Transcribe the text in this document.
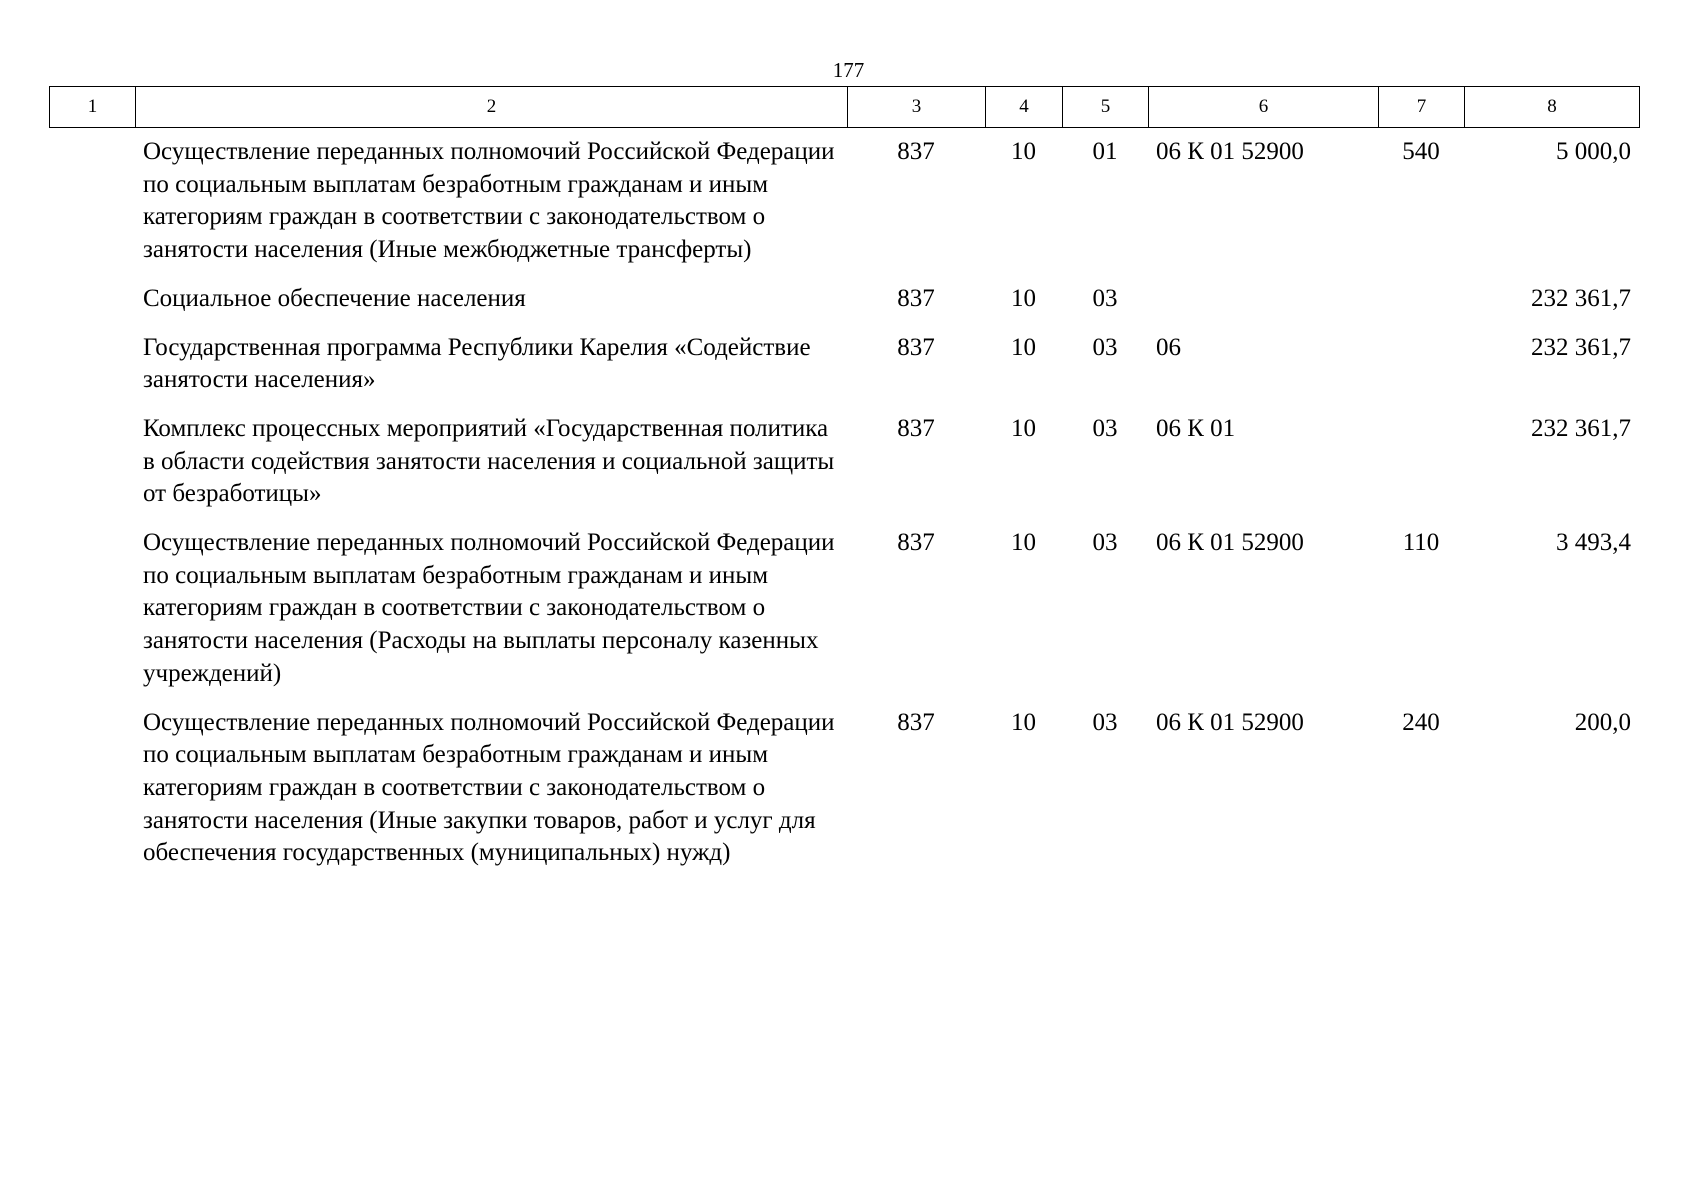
177
1	2	3	4	5	6	7	8
Осуществление переданных полномочий Российской Федерации по социальным выплатам безработным гражданам и иным категориям граждан в соответствии с законодательством о занятости населения (Иные межбюджетные трансферты)	837	10	01	06 К 01 52900	540	5 000,0
Социальное обеспечение населения	837	10	03			232 361,7
Государственная программа Республики Карелия «Содействие занятости населения»	837	10	03	06		232 361,7
Комплекс процессных мероприятий «Государственная политика в области содействия занятости населения и социальной защиты от безработицы»	837	10	03	06 К 01		232 361,7
Осуществление переданных полномочий Российской Федерации по социальным выплатам безработным гражданам и иным категориям граждан в соответствии с законодательством о занятости населения (Расходы на выплаты персоналу казенных учреждений)	837	10	03	06 К 01 52900	110	3 493,4
Осуществление переданных полномочий Российской Федерации по социальным выплатам безработным гражданам и иным категориям граждан в соответствии с законодательством о занятости населения (Иные закупки товаров, работ и услуг для обеспечения государственных (муниципальных) нужд)	837	10	03	06 К 01 52900	240	200,0
